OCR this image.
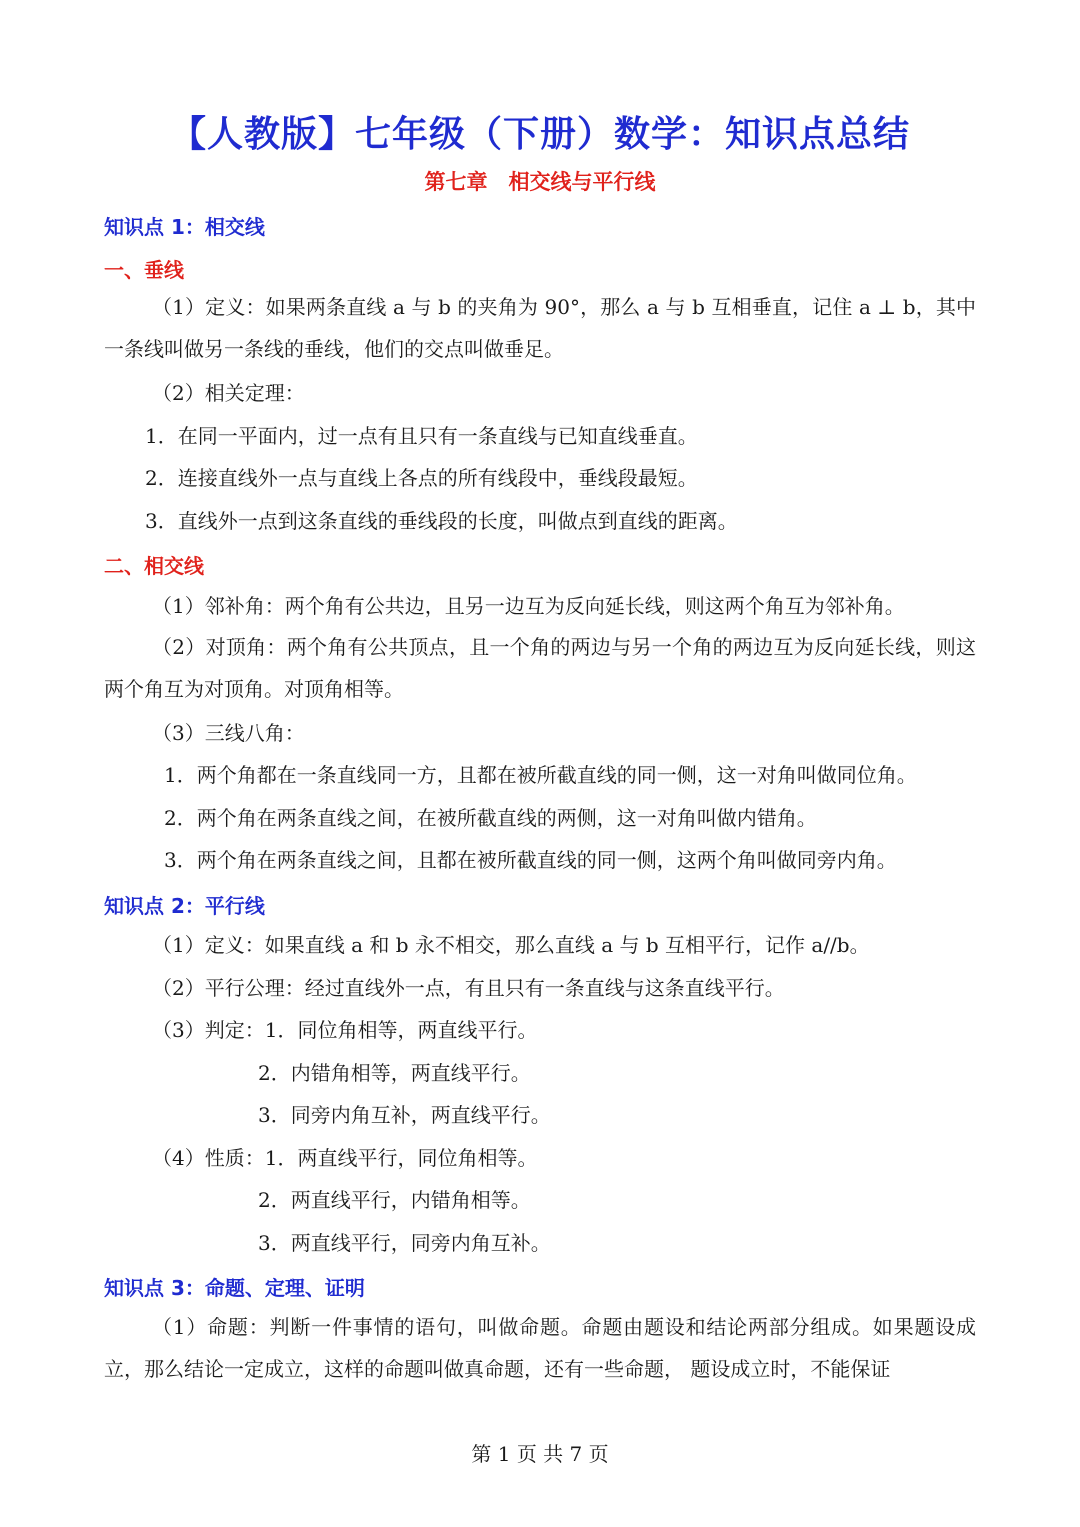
【人教版】七年级（下册）数学：知识点总结
第七章　相交线与平行线
知识点 1：相交线
一、垂线
（1）定义：如果两条直线 a 与 b 的夹角为 90°，那么 a 与 b 互相垂直，记住 a ⊥ b，其中一条线叫做另一条线的垂线，他们的交点叫做垂足。
（2）相关定理：
1．在同一平面内，过一点有且只有一条直线与已知直线垂直。
2．连接直线外一点与直线上各点的所有线段中，垂线段最短。
3．直线外一点到这条直线的垂线段的长度，叫做点到直线的距离。
二、相交线
（1）邻补角：两个角有公共边，且另一边互为反向延长线，则这两个角互为邻补角。
（2）对顶角：两个角有公共顶点，且一个角的两边与另一个角的两边互为反向延长线，则这两个角互为对顶角。对顶角相等。
（3）三线八角：
1．两个角都在一条直线同一方，且都在被所截直线的同一侧，这一对角叫做同位角。
2．两个角在两条直线之间，在被所截直线的两侧，这一对角叫做内错角。
3．两个角在两条直线之间，且都在被所截直线的同一侧，这两个角叫做同旁内角。
知识点 2：平行线
（1）定义：如果直线 a 和 b 永不相交，那么直线 a 与 b 互相平行，记作 a//b。
（2）平行公理：经过直线外一点，有且只有一条直线与这条直线平行。
（3）判定：1．同位角相等，两直线平行。
2．内错角相等，两直线平行。
3．同旁内角互补，两直线平行。
（4）性质：1．两直线平行，同位角相等。
2．两直线平行，内错角相等。
3．两直线平行，同旁内角互补。
知识点 3：命题、定理、证明
（1）命题：判断一件事情的语句，叫做命题。命题由题设和结论两部分组成。如果题设成立，那么结论一定成立，这样的命题叫做真命题，还有一些命题， 题设成立时，不能保证
第 1 页 共 7 页
